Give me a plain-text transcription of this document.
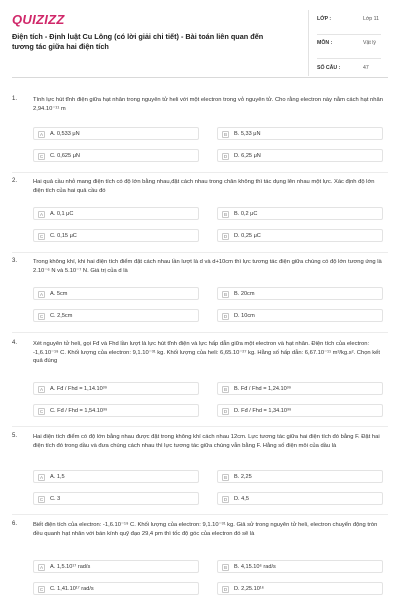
QUIZIZZ
Điện tích - Định luật Cu Lông (có lời giải chi tiết) - Bài toán liên quan đến tương tác giữa hai điện tích
LỚP :	Lớp 11
MÔN :	Vật lý
SỐ CÂU :	47
1.	Tính lực hút tĩnh điện giữa hạt nhân trong nguyên tử heli với một electron trong vỏ nguyên tử. Cho rằng electron này nằm cách hạt nhân 2,94.10⁻¹¹ m
A	A. 0,533 μN	B	B. 5,33 μN
C	C. 0,625 μN	D	D. 6,25 μN
2.	Hai quả cầu nhỏ mang điện tích có độ lớn bằng nhau,đặt cách nhau trong chân không thì tác dụng lên nhau một lực. Xác định độ lớn điện tích của hai quả cầu đó
A	A. 0,1 μC	B	B. 0,2 μC
C	C. 0,15 μC	D	D. 0,25 μC
3.	Trong không khí, khi hai điện tích điểm đặt cách nhau lần lượt là d và d+10cm thì lực tương tác điện giữa chúng có độ lớn tương ứng là 2.10⁻⁶ N và 5.10⁻⁷ N. Giá trị của d là
A	A. 5cm	B	B. 20cm
C	C. 2,5cm	D	D. 10cm
4.	Xét nguyên tử heli, gọi Fđ và Fhd lần lượt là lực hút tĩnh điện và lực hấp dẫn giữa một electron và hạt nhân. Điện tích của electron: -1,6.10⁻¹⁹ C. Khối lượng của electron: 9,1.10⁻³¹ kg. Khối lượng của heli: 6,65.10⁻²⁷ kg. Hằng số hấp dẫn: 6,67.10⁻¹¹ m³/kg.s². Chọn kết quả đúng
A	A. Fđ / Fhd = 1,14.10³⁹	B	B. Fđ / Fhd = 1,24.10³⁹
C	C. Fđ / Fhd = 1,54.10³⁹	D	D. Fđ / Fhd = 1,34.10³⁹
5.	Hai điện tích điểm có độ lớn bằng nhau được đặt trong không khí cách nhau 12cm. Lực tương tác giữa hai điện tích đó bằng F. Đặt hai điện tích đó trong dầu và đưa chúng cách nhau thì lực tương tác giữa chúng vẫn bằng F. Hằng số điện môi của dầu là
A	A. 1,5	B	B. 2,25
C	C. 3	D	D. 4,5
6.	Biết điện tích của electron: -1,6.10⁻¹⁹ C. Khối lượng của electron: 9,1.10⁻³¹ kg. Giả sử trong nguyên tử heli, electron chuyển động tròn đều quanh hạt nhân với bán kính quỹ đạo 29,4 pm thì tốc độ góc của electron đó sẽ là
A	A. 1,5.10¹⁷ rad/s	B	B. 4,15.10⁶ rad/s
C	C. 1,41.10¹⁷ rad/s	D	D. 2,25.10¹⁶
